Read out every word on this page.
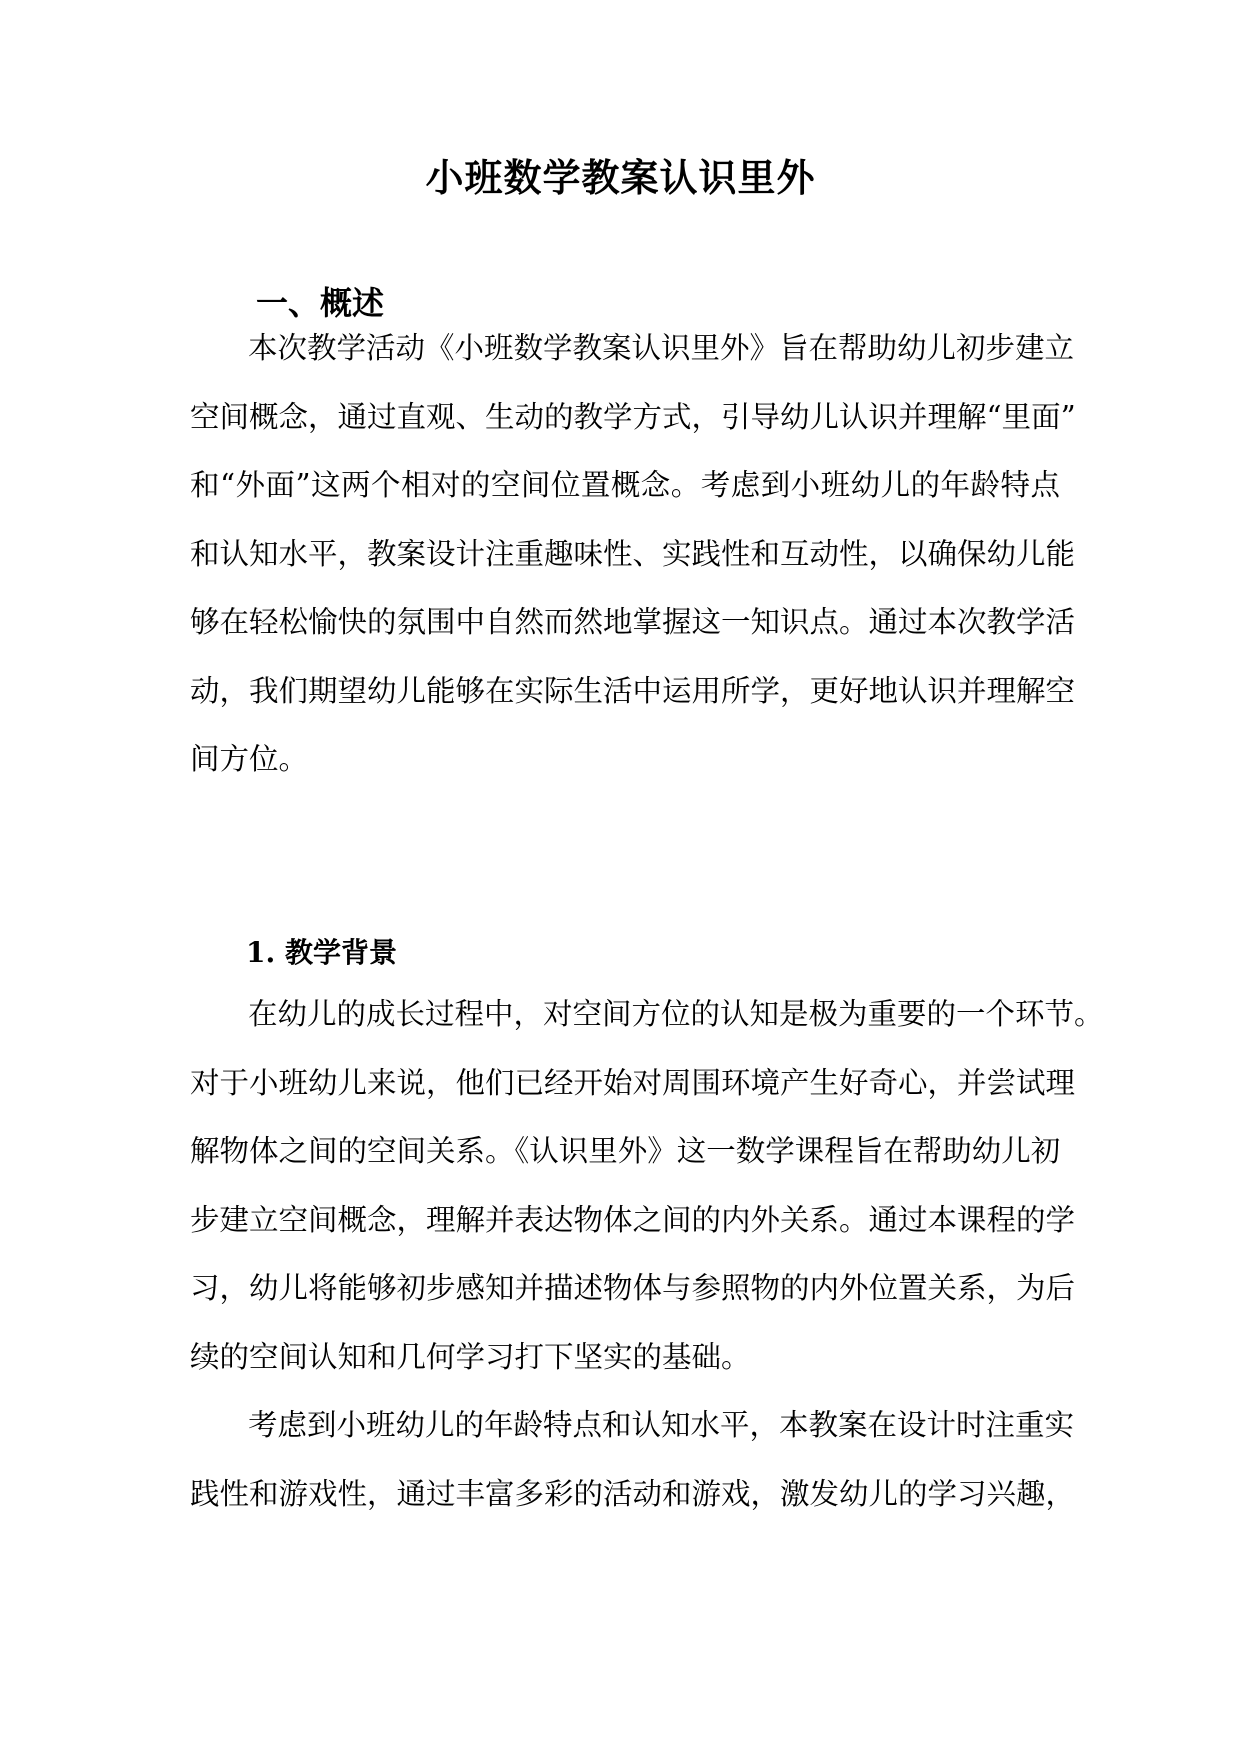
小班数学教案认识里外
一、概述
本次教学活动《小班数学教案认识里外》旨在帮助幼儿初步建立
空间概念，通过直观、生动的教学方式，引导幼儿认识并理解“里面”
和“外面”这两个相对的空间位置概念。考虑到小班幼儿的年龄特点
和认知水平，教案设计注重趣味性、实践性和互动性，以确保幼儿能
够在轻松愉快的氛围中自然而然地掌握这一知识点。通过本次教学活
动，我们期望幼儿能够在实际生活中运用所学，更好地认识并理解空
间方位。
1. 教学背景
在幼儿的成长过程中，对空间方位的认知是极为重要的一个环节。
对于小班幼儿来说，他们已经开始对周围环境产生好奇心，并尝试理
解物体之间的空间关系。《认识里外》这一数学课程旨在帮助幼儿初
步建立空间概念，理解并表达物体之间的内外关系。通过本课程的学
习，幼儿将能够初步感知并描述物体与参照物的内外位置关系，为后
续的空间认知和几何学习打下坚实的基础。
考虑到小班幼儿的年龄特点和认知水平，本教案在设计时注重实
践性和游戏性，通过丰富多彩的活动和游戏，激发幼儿的学习兴趣，
